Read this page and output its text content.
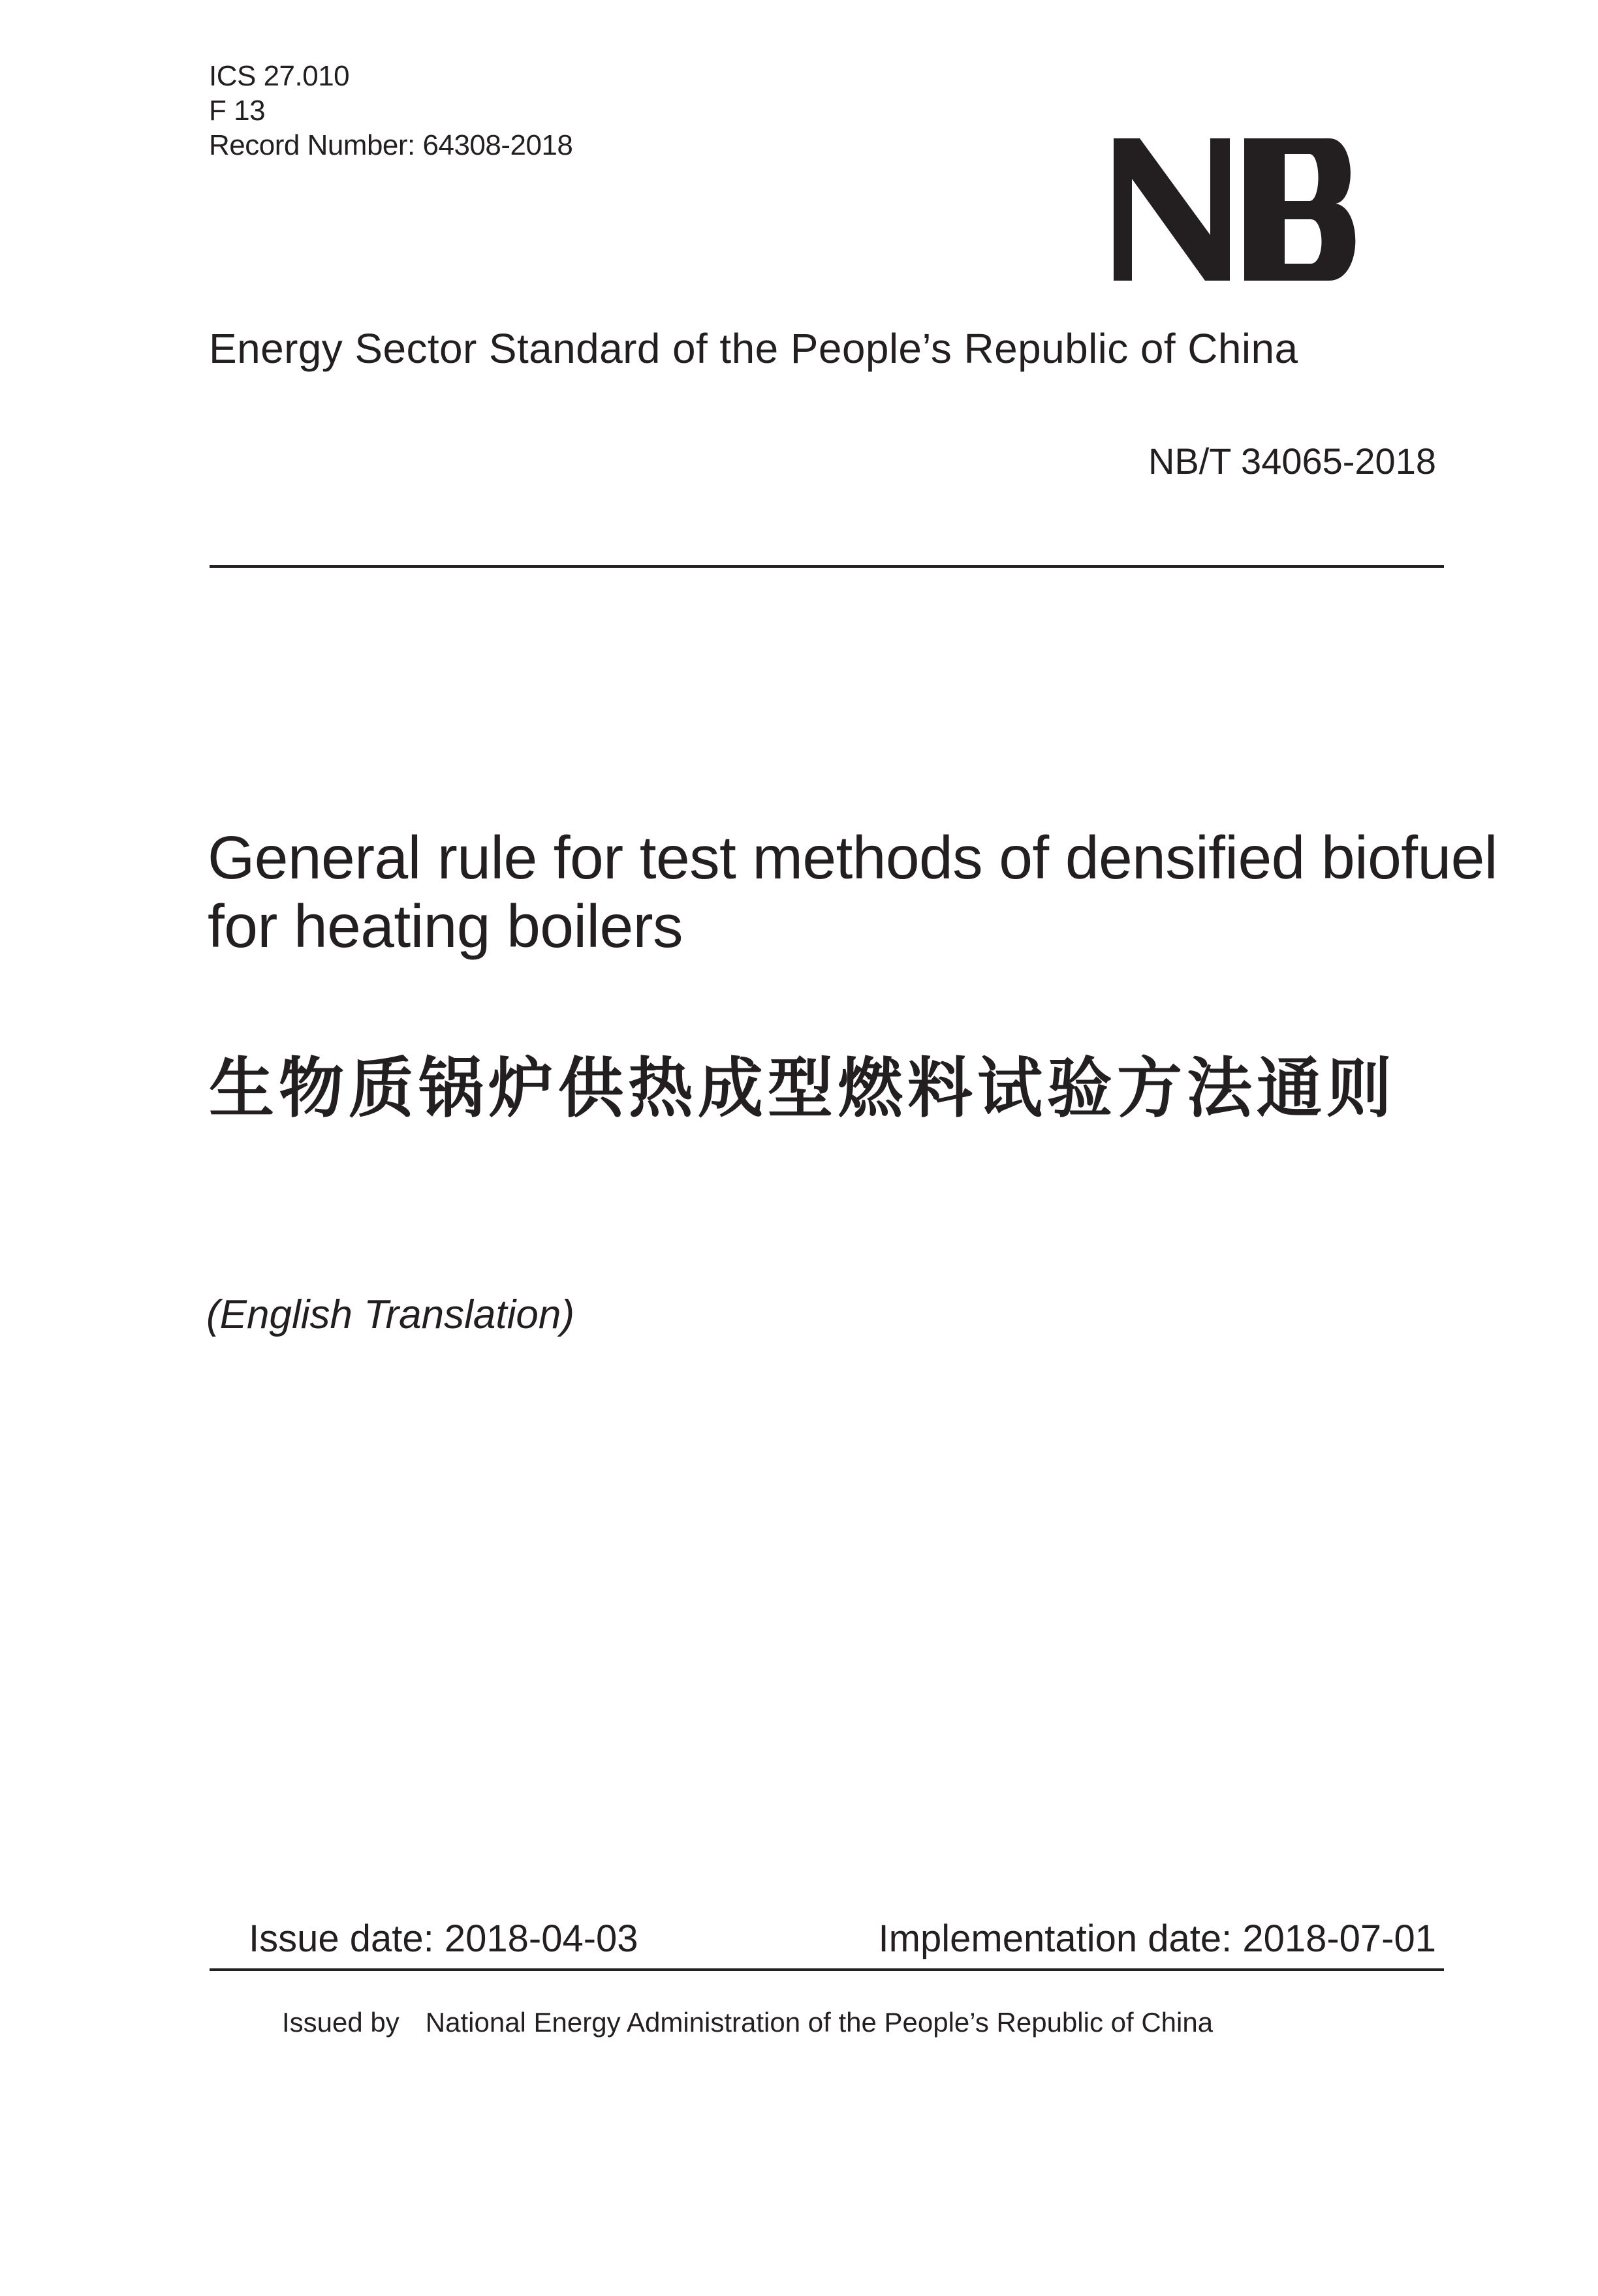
ICS 27.010
F 13
Record Number: 64308-2018
Energy Sector Standard of the People’s Republic of China
NB/T 34065-2018
General rule for test methods of densified biofuel
for heating boilers
生物质锅炉供热成型燃料试验方法通则
(English Translation)
Issue date: 2018-04-03	Implementation date: 2018-07-01
Issued by National Energy Administration of the People’s Republic of China
